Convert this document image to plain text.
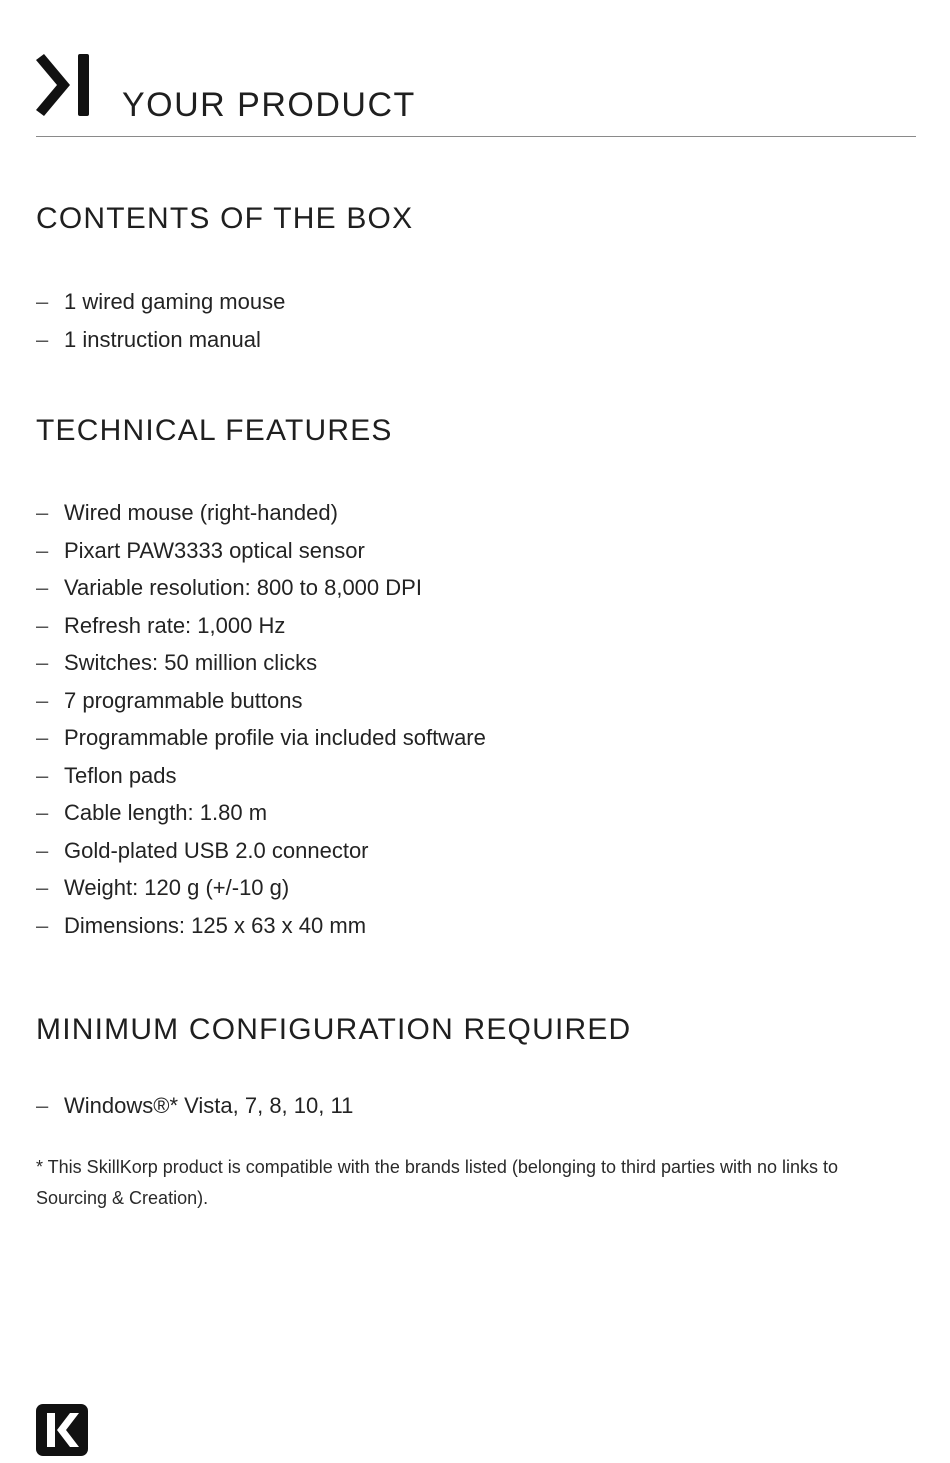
YOUR PRODUCT
CONTENTS OF THE BOX
– 1 wired gaming mouse
– 1 instruction manual
TECHNICAL FEATURES
– Wired mouse (right-handed)
– Pixart PAW3333 optical sensor
– Variable resolution: 800 to 8,000 DPI
– Refresh rate: 1,000 Hz
– Switches: 50 million clicks
– 7 programmable buttons
– Programmable profile via included software
– Teflon pads
– Cable length: 1.80 m
– Gold-plated USB 2.0 connector
– Weight: 120 g (+/-10 g)
– Dimensions: 125 x 63 x 40 mm
MINIMUM CONFIGURATION REQUIRED
– Windows®* Vista, 7, 8, 10, 11

* This SkillKorp product is compatible with the brands listed (belonging to third parties with no links to Sourcing & Creation).
